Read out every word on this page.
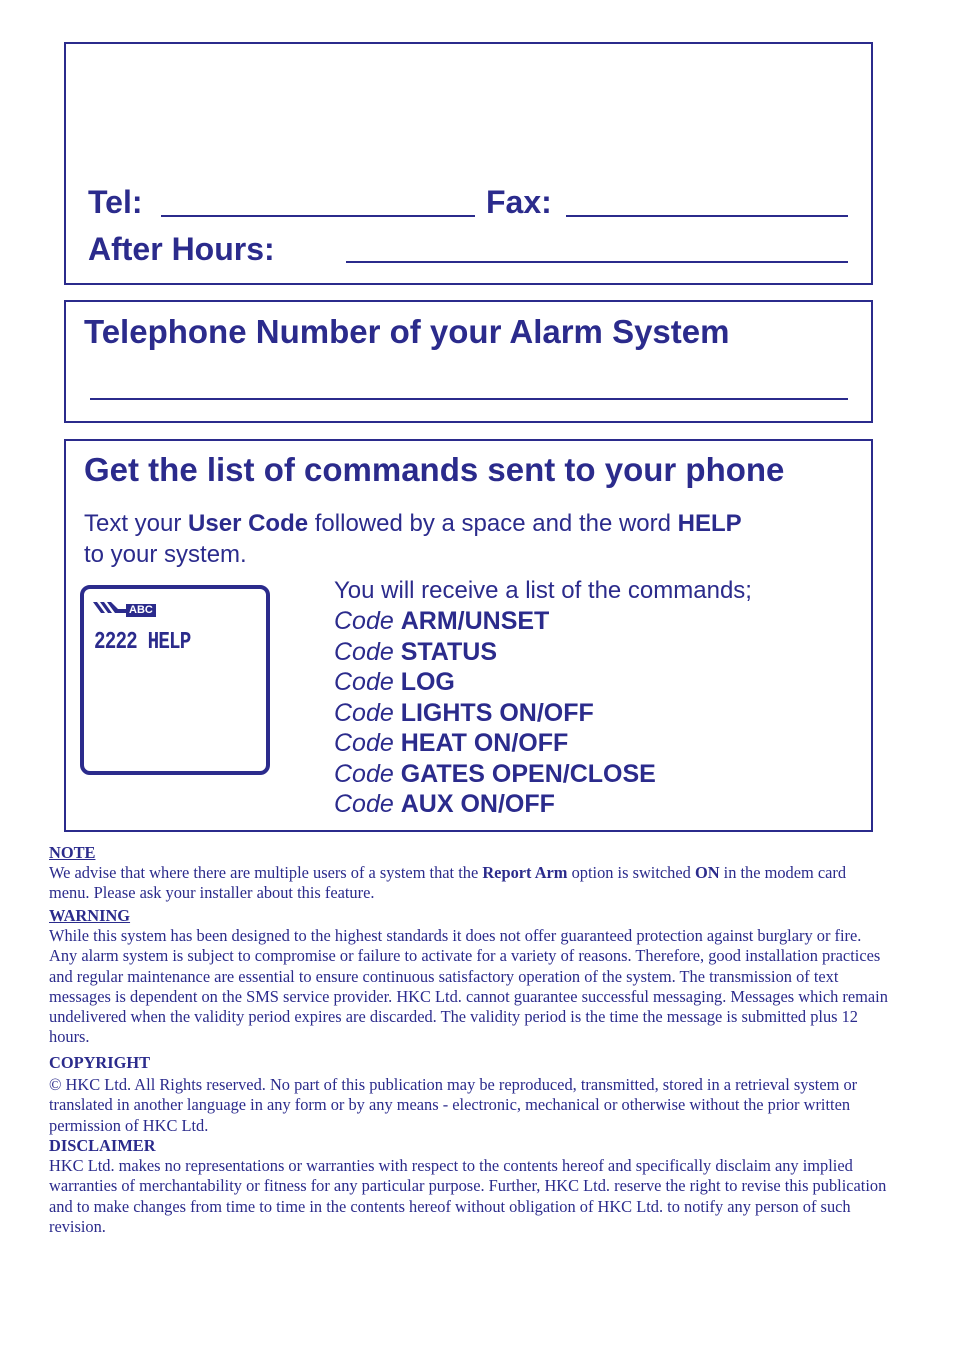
Tel:	Fax:
After Hours:
Telephone Number of your Alarm System
Get the list of commands sent to your phone
Text your User Code followed by a space and the word HELP
to your system.
ABC
2222 HELP
You will receive a list of the commands;
Code ARM/UNSET
Code STATUS
Code LOG
Code LIGHTS ON/OFF
Code HEAT ON/OFF
Code GATES OPEN/CLOSE
Code AUX ON/OFF
NOTE
We advise that where there are multiple users of a system that the Report Arm option is switched ON in the modem card menu. Please ask your installer about this feature.
WARNING
While this system has been designed to the highest standards it does not offer guaranteed protection against burglary or fire. Any alarm system is subject to compromise or failure to activate for a variety of reasons. Therefore, good installation practices and regular maintenance are essential to ensure continuous satisfactory operation of the system. The transmission of text messages is dependent on the SMS service provider. HKC Ltd. cannot guarantee successful messaging. Messages which remain undelivered when the validity period expires are discarded. The validity period is the time the message is submitted plus 12 hours.
COPYRIGHT
© HKC Ltd. All Rights reserved. No part of this publication may be reproduced, transmitted, stored in a retrieval system or translated in another language in any form or by any means - electronic, mechanical or otherwise without the prior written permission of HKC Ltd.
DISCLAIMER
HKC Ltd. makes no representations or warranties with respect to the contents hereof and specifically disclaim any implied warranties of merchantability or fitness for any particular purpose. Further, HKC Ltd. reserve the right to revise this publication and to make changes from time to time in the contents hereof without obligation of HKC Ltd. to notify any person of such revision.
